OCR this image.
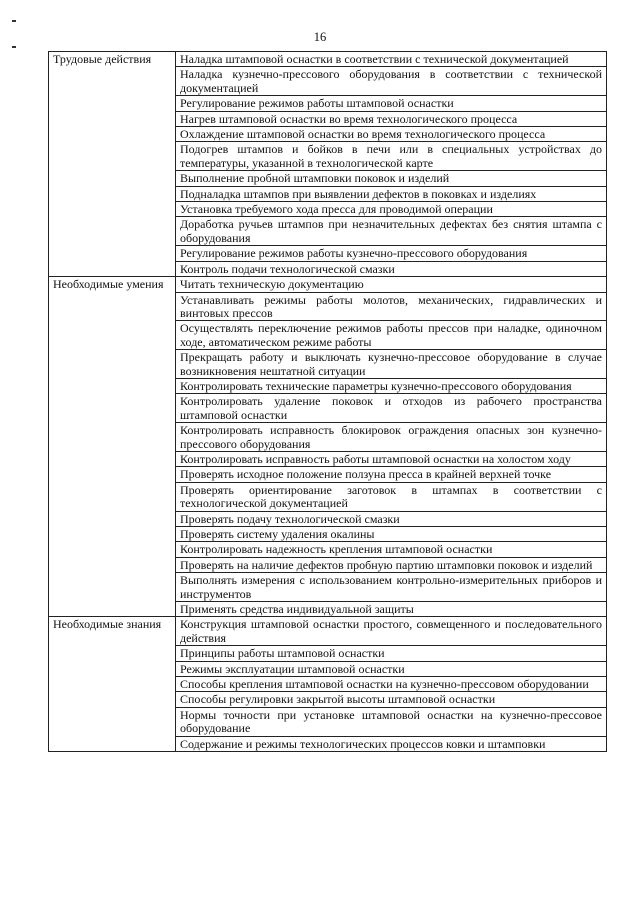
16
Трудовые действия	Наладка штамповой оснастки в соответствии с технической документацией
	Наладка кузнечно-прессового оборудования в соответствии с технической документацией
	Регулирование режимов работы штамповой оснастки
	Нагрев штамповой оснастки во время технологического процесса
	Охлаждение штамповой оснастки во время технологического процесса
	Подогрев штампов и бойков в печи или в специальных устройствах до температуры, указанной в технологической карте
	Выполнение пробной штамповки поковок и изделий
	Подналадка штампов при выявлении дефектов в поковках и изделиях
	Установка требуемого хода пресса для проводимой операции
	Доработка ручьев штампов при незначительных дефектах без снятия штампа с оборудования
	Регулирование режимов работы кузнечно-прессового оборудования
	Контроль подачи технологической смазки
Необходимые умения	Читать техническую документацию
	Устанавливать режимы работы молотов, механических, гидравлических и винтовых прессов
	Осуществлять переключение режимов работы прессов при наладке, одиночном ходе, автоматическом режиме работы
	Прекращать работу и выключать кузнечно-прессовое оборудование в случае возникновения нештатной ситуации
	Контролировать технические параметры кузнечно-прессового оборудования
	Контролировать удаление поковок и отходов из рабочего пространства штамповой оснастки
	Контролировать исправность блокировок ограждения опасных зон кузнечно-прессового оборудования
	Контролировать исправность работы штамповой оснастки на холостом ходу
	Проверять исходное положение ползуна пресса в крайней верхней точке
	Проверять ориентирование заготовок в штампах в соответствии с технологической документацией
	Проверять подачу технологической смазки
	Проверять систему удаления окалины
	Контролировать надежность крепления штамповой оснастки
	Проверять на наличие дефектов пробную партию штамповки поковок и изделий
	Выполнять измерения с использованием контрольно-измерительных приборов и инструментов
	Применять средства индивидуальной защиты
Необходимые знания	Конструкция штамповой оснастки простого, совмещенного и последовательного действия
	Принципы работы штамповой оснастки
	Режимы эксплуатации штамповой оснастки
	Способы крепления штамповой оснастки на кузнечно-прессовом оборудовании
	Способы регулировки закрытой высоты штамповой оснастки
	Нормы точности при установке штамповой оснастки на кузнечно-прессовое оборудование
	Содержание и режимы технологических процессов ковки и штамповки
